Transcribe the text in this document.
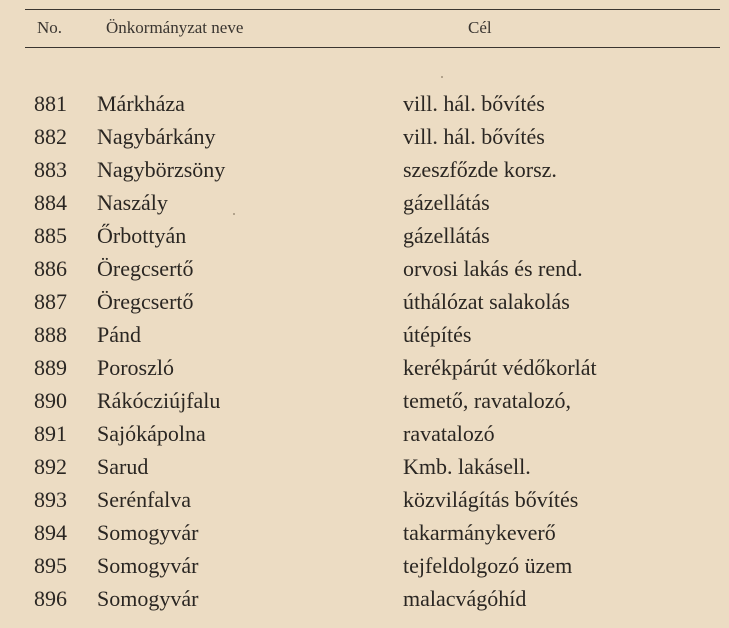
No.	Önkormányzat neve	Cél
881	Márkháza	vill. hál. bővítés
882	Nagybárkány	vill. hál. bővítés
883	Nagybörzsöny	szeszfőzde korsz.
884	Naszály	gázellátás
885	Őrbottyán	gázellátás
886	Öregcsertő	orvosi lakás és rend.
887	Öregcsertő	úthálózat salakolás
888	Pánd	útépítés
889	Poroszló	kerékpárút védőkorlát
890	Rákócziújfalu	temető, ravatalozó,
891	Sajókápolna	ravatalozó
892	Sarud	Kmb. lakásell.
893	Serénfalva	közvilágítás bővítés
894	Somogyvár	takarmánykeverő
895	Somogyvár	tejfeldolgozó üzem
896	Somogyvár	malacvágóhíd
